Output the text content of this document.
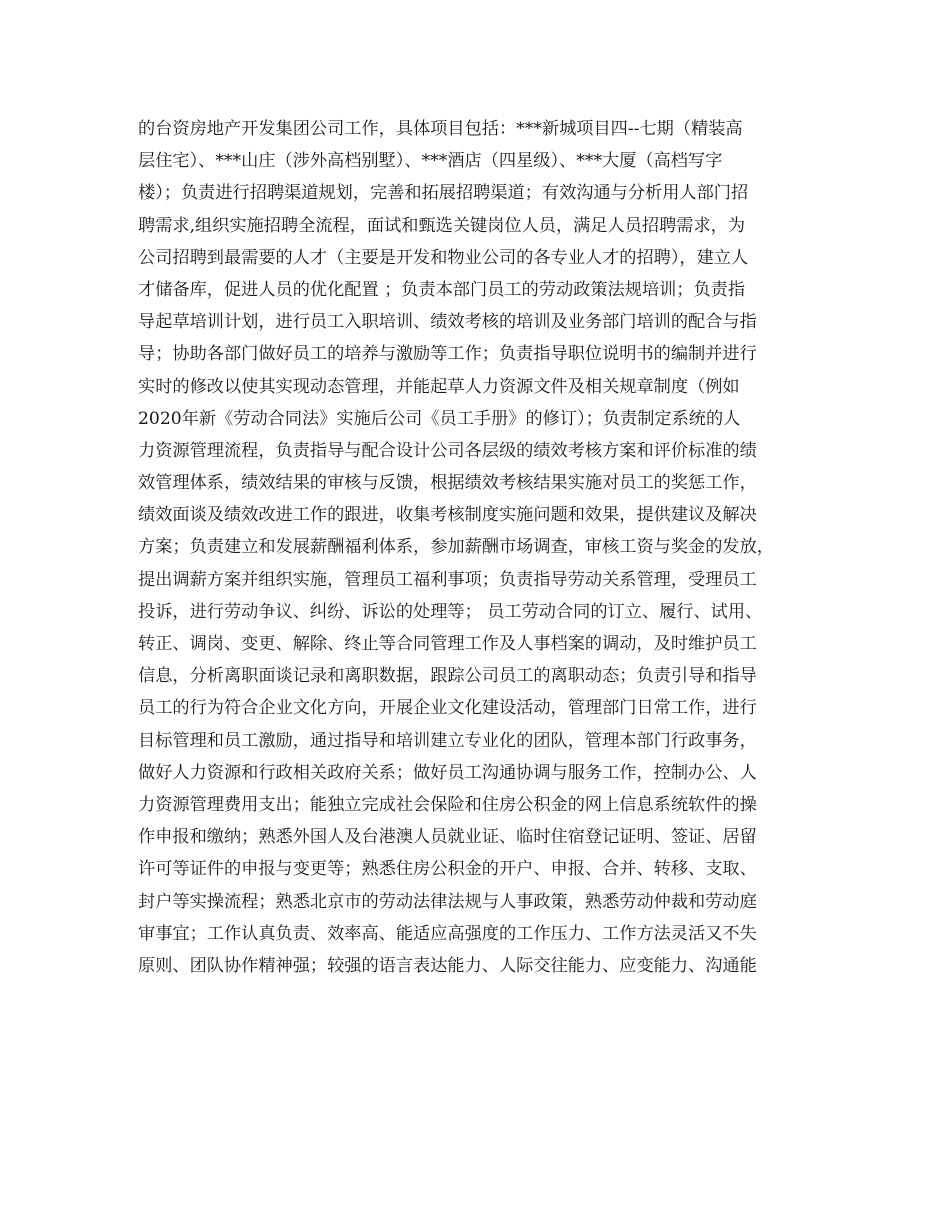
的台资房地产开发集团公司工作，具体项目包括：***新城项目四--七期（精装高
层住宅）、***山庄（涉外高档别墅）、***酒店（四星级）、***大厦（高档写字
楼）；负责进行招聘渠道规划，完善和拓展招聘渠道；有效沟通与分析用人部门招
聘需求,组织实施招聘全流程，面试和甄选关键岗位人员，满足人员招聘需求，为
公司招聘到最需要的人才（主要是开发和物业公司的各专业人才的招聘），建立人
才储备库，促进人员的优化配置 ；负责本部门员工的劳动政策法规培训；负责指
导起草培训计划，进行员工入职培训、绩效考核的培训及业务部门培训的配合与指
导；协助各部门做好员工的培养与激励等工作；负责指导职位说明书的编制并进行
实时的修改以使其实现动态管理，并能起草人力资源文件及相关规章制度（例如
2020年新《劳动合同法》实施后公司《员工手册》的修订）；负责制定系统的人
力资源管理流程，负责指导与配合设计公司各层级的绩效考核方案和评价标准的绩
效管理体系，绩效结果的审核与反馈，根据绩效考核结果实施对员工的奖惩工作，
绩效面谈及绩效改进工作的跟进，收集考核制度实施问题和效果，提供建议及解决
方案；负责建立和发展薪酬福利体系，参加薪酬市场调查，审核工资与奖金的发放，
提出调薪方案并组织实施，管理员工福利事项；负责指导劳动关系管理，受理员工
投诉，进行劳动争议、纠纷、诉讼的处理等； 员工劳动合同的订立、履行、试用、
转正、调岗、变更、解除、终止等合同管理工作及人事档案的调动，及时维护员工
信息，分析离职面谈记录和离职数据，跟踪公司员工的离职动态；负责引导和指导
员工的行为符合企业文化方向，开展企业文化建设活动，管理部门日常工作，进行
目标管理和员工激励，通过指导和培训建立专业化的团队，管理本部门行政事务，
做好人力资源和行政相关政府关系；做好员工沟通协调与服务工作，控制办公、人
力资源管理费用支出；能独立完成社会保险和住房公积金的网上信息系统软件的操
作申报和缴纳；熟悉外国人及台港澳人员就业证、临时住宿登记证明、签证、居留
许可等证件的申报与变更等；熟悉住房公积金的开户、申报、合并、转移、支取、
封户等实操流程；熟悉北京市的劳动法律法规与人事政策，熟悉劳动仲裁和劳动庭
审事宜；工作认真负责、效率高、能适应高强度的工作压力、工作方法灵活又不失
原则、团队协作精神强；较强的语言表达能力、人际交往能力、应变能力、沟通能
